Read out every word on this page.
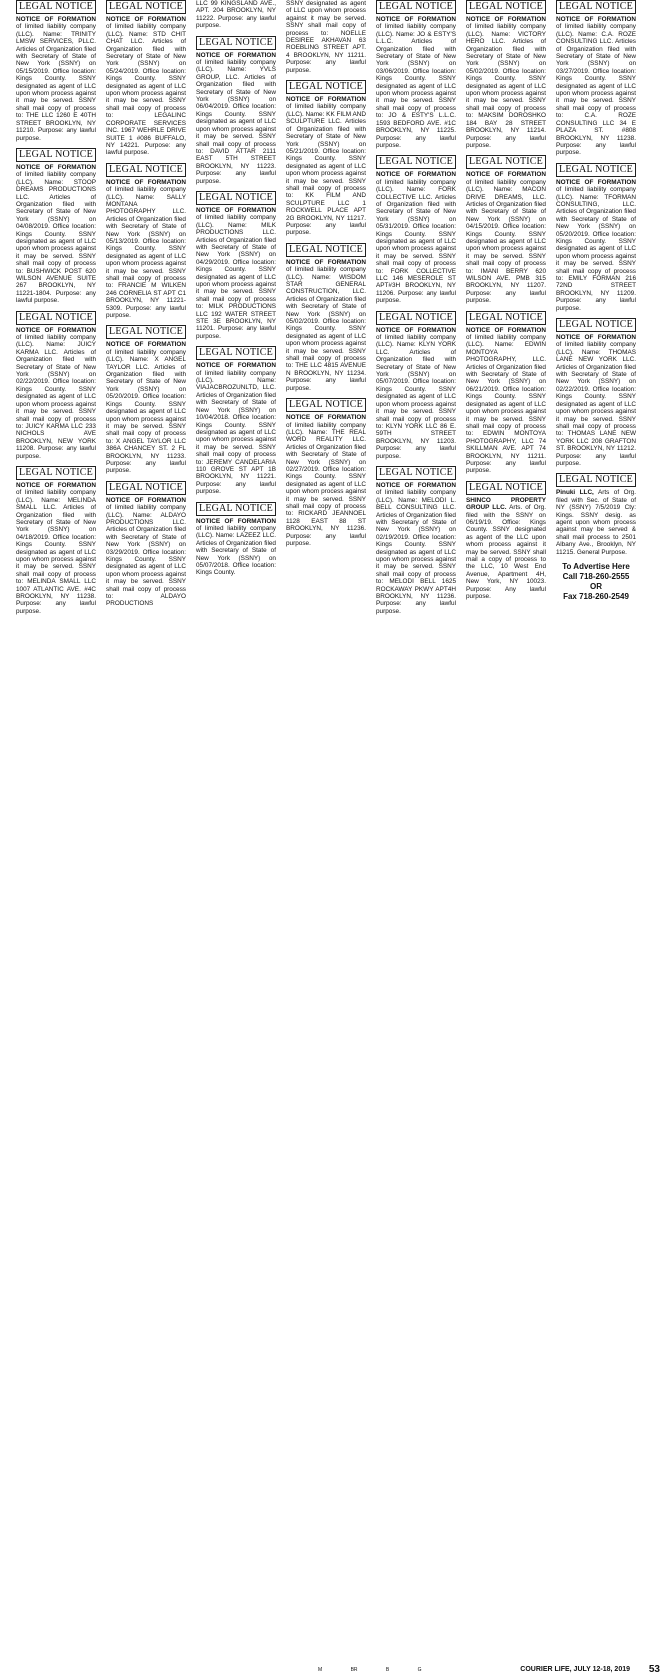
LEGAL NOTICE
NOTICE OF FORMATION of limited liability company (LLC). Name: TRINITY LMSW SERVICES, PLLC. Articles of Organization filed with Secretary of State of New York (SSNY) on 05/15/2019. Office location: Kings County. SSNY designated as agent of LLC upon whom process against it may be served. SSNY shall mail copy of process to: THE LLC 1260 E 40TH STREET BROOKLYN, NY 11210. Purpose: any lawful purpose.
LEGAL NOTICE
NOTICE OF FORMATION of limited liability company (LLC). Name: STOOP DREAMS PRODUCTIONS LLC. Articles of Organization filed with Secretary of State of New York (SSNY) on 04/08/2019. Office location: Kings County. SSNY designated as agent of LLC upon whom process against it may be served. SSNY shall mail copy of process to: BUSHWICK POST 620 WILSON AVENUE SUITE 267 BROOKLYN, NY 11221-1804. Purpose: any lawful purpose.
LEGAL NOTICE
NOTICE OF FORMATION of limited liability company (LLC). Name: JUICY KARMA LLC. Articles of Organization filed with Secretary of State of New York (SSNY) on 02/22/2019. Office location: Kings County. SSNY designated as agent of LLC upon whom process against it may be served. SSNY shall mail copy of process to: JUICY KARMA LLC 233 NICHOLS AVE BROOKLYN, NEW YORK 11208. Purpose: any lawful purpose.
LEGAL NOTICE
NOTICE OF FORMATION of limited liability company (LLC). Name: MELINDA SMALL LLC. Articles of Organization filed with Secretary of State of New York (SSNY) on 04/18/2019. Office location: Kings County. SSNY designated as agent of LLC upon whom process against it may be served. SSNY shall mail copy of process to: MELINDA SMALL LLC 1007 ATLANTIC AVE. #4C BROOKLYN, NY 11238. Purpose: any lawful purpose.
LEGAL NOTICE
NOTICE OF FORMATION of limited liability company (LLC). Name: STD CHIT CHAT LLC. Articles of Organization filed with Secretary of State of New York (SSNY) on 05/24/2019. Office location: Kings County. SSNY designated as agent of LLC upon whom process against it may be served. SSNY shall mail copy of process to: LEGALINC CORPORATE SERVICES INC. 1967 WEHRLE DRIVE SUITE 1 #086 BUFFALO, NY 14221. Purpose: any lawful purpose.
LEGAL NOTICE
NOTICE OF FORMATION of limited liability company (LLC). Name: SALLY MONTANA PHOTOGRAPHY LLC. Articles of Organization filed with Secretary of State of New York (SSNY) on 05/13/2019. Office location: Kings County. SSNY designated as agent of LLC upon whom process against it may be served. SSNY shall mail copy of process to: FRANCIE M WILKEN 246 CORNELIA ST APT C1 BROOKLYN, NY 11221-5309. Purpose: any lawful purpose.
LEGAL NOTICE
NOTICE OF FORMATION of limited liability company (LLC). Name: X ANGEL TAYLOR LLC. Articles of Organization filed with Secretary of State of New York (SSNY) on 05/20/2019. Office location: Kings County. SSNY designated as agent of LLC upon whom process against it may be served. SSNY shall mail copy of process to: X ANGEL TAYLOR LLC 386A CHANCEY ST. 2 FL BROOKLYN, NY 11233. Purpose: any lawful purpose.
LEGAL NOTICE
NOTICE OF FORMATION of limited liability company (LLC). Name: ALDAYO PRODUCTIONS LLC. Articles of Organization filed with Secretary of State of New York (SSNY) on 03/29/2019. Office location: Kings County. SSNY designated as agent of LLC upon whom process against it may be served. SSNY shall mail copy of process to: ALDAYO PRODUCTIONS
LLC 99 KINGSLAND AVE., APT. 204 BROOKLYN, NY 11222. Purpose: any lawful purpose.
LEGAL NOTICE
NOTICE OF FORMATION of limited liability company (LLC). Name: YVLS GROUP, LLC. Articles of Organization filed with Secretary of State of New York (SSNY) on 06/04/2019. Office location: Kings County. SSNY designated as agent of LLC upon whom process against it may be served. SSNY shall mail copy of process to: DAVID ATTAR 2111 EAST 5TH STREET BROOKLYN, NY 11223. Purpose: any lawful purpose.
LEGAL NOTICE
NOTICE OF FORMATION of limited liability company (LLC). Name: MILK PRODUCTIONS LLC. Articles of Organization filed with Secretary of State of New York (SSNY) on 04/29/2019. Office location: Kings County. SSNY designated as agent of LLC upon whom process against it may be served. SSNY shall mail copy of process to: MILK PRODUCTIONS LLC 192 WATER STREET STE 3E BROOKLYN, NY 11201. Purpose: any lawful purpose.
LEGAL NOTICE
NOTICE OF FORMATION of limited liability company (LLC). Name: VIAJACBROZUNLTD, LLC. Articles of Organization filed with Secretary of State of New York (SSNY) on 10/04/2018. Office location: Kings County. SSNY designated as agent of LLC upon whom process against it may be served. SSNY shall mail copy of process to: JEREMY CANDELARIA 110 GROVE ST APT 1B BROOKLYN, NY 11221. Purpose: any lawful purpose.
LEGAL NOTICE
NOTICE OF FORMATION of limited liability company (LLC). Name: LAZEEZ LLC. Articles of Organization filed with Secretary of State of New York (SSNY) on 05/07/2018. Office location: Kings County.
SSNY designated as agent of LLC upon whom process against it may be served. SSNY shall mail copy of process to: NOELLE DESIREE AKHAVAN 63 ROEBLING STREET APT. 4 BROOKLYN, NY 11211. Purpose: any lawful purpose.
LEGAL NOTICE
NOTICE OF FORMATION of limited liability company (LLC). Name: KK FILM AND SCULPTURE LLC. Articles of Organization filed with Secretary of State of New York (SSNY) on 05/21/2019. Office location: Kings County. SSNY designated as agent of LLC upon whom process against it may be served. SSNY shall mail copy of process to: KK FILM AND SCULPTURE LLC 1 ROCKWELL PLACE APT 2G BROOKLYN, NY 11217. Purpose: any lawful purpose.
LEGAL NOTICE
NOTICE OF FORMATION of limited liability company (LLC). Name: WISDOM STAR GENERAL CONSTRUCTION, LLC. Articles of Organization filed with Secretary of State of New York (SSNY) on 05/02/2019. Office location: Kings County. SSNY designated as agent of LLC upon whom process against it may be served. SSNY shall mail copy of process to: THE LLC 4815 AVENUE N BROOKLYN, NY 11234. Purpose: any lawful purpose.
LEGAL NOTICE
NOTICE OF FORMATION of limited liability company (LLC). Name: THE REAL WORD REALITY LLC. Articles of Organization filed with Secretary of State of New York (SSNY) on 02/27/2019. Office location: Kings County. SSNY designated as agent of LLC upon whom process against it may be served. SSNY shall mail copy of process to: RICKARD JEANNOEL 1128 EAST 88 ST BROOKLYN, NY 11236. Purpose: any lawful purpose.
LEGAL NOTICE
NOTICE OF FORMATION of limited liability company (LLC). Name: JO & ESTY'S L.L.C. Articles of Organization filed with Secretary of State of New York (SSNY) on 03/06/2019. Office location: Kings County. SSNY designated as agent of LLC upon whom process against it may be served. SSNY shall mail copy of process to: JO & ESTY'S L.L.C. 1593 BEDFORD AVE. #1C BROOKLYN, NY 11225. Purpose: any lawful purpose.
LEGAL NOTICE
NOTICE OF FORMATION of limited liability company (LLC). Name: FORK COLLECTIVE LLC. Articles of Organization filed with Secretary of State of New York (SSNY) on 05/31/2019. Office location: Kings County. SSNY designated as agent of LLC upon whom process against it may be served. SSNY shall mail copy of process to: FORK COLLECTIVE LLC 146 MESEROLE ST APT#3H BROOKLYN, NY 11206. Purpose: any lawful purpose.
LEGAL NOTICE
NOTICE OF FORMATION of limited liability company (LLC). Name: KLYN YORK LLC. Articles of Organization filed with Secretary of State of New York (SSNY) on 05/07/2019. Office location: Kings County. SSNY designated as agent of LLC upon whom process against it may be served. SSNY shall mail copy of process to: KLYN YORK LLC 86 E. 59TH STREET BROOKLYN, NY 11203. Purpose: any lawful purpose.
LEGAL NOTICE
NOTICE OF FORMATION of limited liability company (LLC). Name: MELODI L. BELL CONSULTING LLC. Articles of Organization filed with Secretary of State of New York (SSNY) on 02/19/2019. Office location: Kings County. SSNY designated as agent of LLC upon whom process against it may be served. SSNY shall mail copy of process to: MELODI BELL 1625 ROCKAWAY PKWY APT4H BROOKLYN, NY 11236. Purpose: any lawful purpose.
LEGAL NOTICE
NOTICE OF FORMATION of limited liability company (LLC). Name: VICTORY HERO LLC. Articles of Organization filed with Secretary of State of New York (SSNY) on 05/02/2019. Office location: Kings County. SSNY designated as agent of LLC upon whom process against it may be served. SSNY shall mail copy of process to: MAKSIM DOROSHKO 184 BAY 28 STREET BROOKLYN, NY 11214. Purpose: any lawful purpose.
LEGAL NOTICE
NOTICE OF FORMATION of limited liability company (LLC). Name: MACON DRIVE DREAMS, LLC. Articles of Organization filed with Secretary of State of New York (SSNY) on 04/15/2019. Office location: Kings County. SSNY designated as agent of LLC upon whom process against it may be served. SSNY shall mail copy of process to: IMANI BERRY 620 WILSON AVE. PMB 315 BROOKLYN, NY 11207. Purpose: any lawful purpose.
LEGAL NOTICE
NOTICE OF FORMATION of limited liability company (LLC). Name: EDWIN MONTOYA PHOTOGRAPHY, LLC. Articles of Organization filed with Secretary of State of New York (SSNY) on 06/21/2019. Office location: Kings County. SSNY designated as agent of LLC upon whom process against it may be served. SSNY shall mail copy of process to: EDWIN MONTOYA PHOTOGRAPHY, LLC 74 SKILLMAN AVE. APT 74 BROOKLYN, NY 11211. Purpose: any lawful purpose.
LEGAL NOTICE
SHINCO PROPERTY GROUP LLC. Arts. of Org. filed with the SSNY on 06/19/19. Office: Kings County. SSNY designated as agent of the LLC upon whom process against it may be served. SSNY shall mail a copy of process to the LLC, 10 West End Avenue, Apartment 4H, New York, NY 10023. Purpose: Any lawful purpose.
LEGAL NOTICE
NOTICE OF FORMATION of limited liability company (LLC). Name: C.A. ROZE CONSULTING LLC. Articles of Organization filed with Secretary of State of New York (SSNY) on 03/27/2019. Office location: Kings County. SSNY designated as agent of LLC upon whom process against it may be served. SSNY shall mail copy of process to: C.A. ROZE CONSULTING LLC 34 E PLAZA ST. #808 BROOKLYN, NY 11238. Purpose: any lawful purpose.
LEGAL NOTICE
NOTICE OF FORMATION of limited liability company (LLC). Name: TFORMAN CONSULTING, LLC. Articles of Organization filed with Secretary of State of New York (SSNY) on 05/20/2019. Office location: Kings County. SSNY designated as agent of LLC upon whom process against it may be served. SSNY shall mail copy of process to: EMILY FORMAN 216 72ND STREET BROOKLYN, NY 11209. Purpose: any lawful purpose.
LEGAL NOTICE
NOTICE OF FORMATION of limited liability company (LLC). Name: THOMAS LANE NEW YORK LLC. Articles of Organization filed with Secretary of State of New York (SSNY) on 02/22/2019. Office location: Kings County. SSNY designated as agent of LLC upon whom process against it may be served. SSNY shall mail copy of process to: THOMAS LANE NEW YORK LLC 208 GRAFTON ST. BROOKLYN, NY 11212. Purpose: any lawful purpose.
LEGAL NOTICE
Pinuki LLC, Arts of Org. filed with Sec. of State of NY (SSNY) 7/5/2019 Cty: Kings. SSNY desig. as agent upon whom process against may be served & shall mail process to 2501 Albany Ave., Brooklyn, NY 11215. General Purpose.
To Advertise Here
Call 718-260-2555
OR
Fax 718-260-2549
M	BR	B	G	COURIER LIFE, JULY 12-18, 2019 53
